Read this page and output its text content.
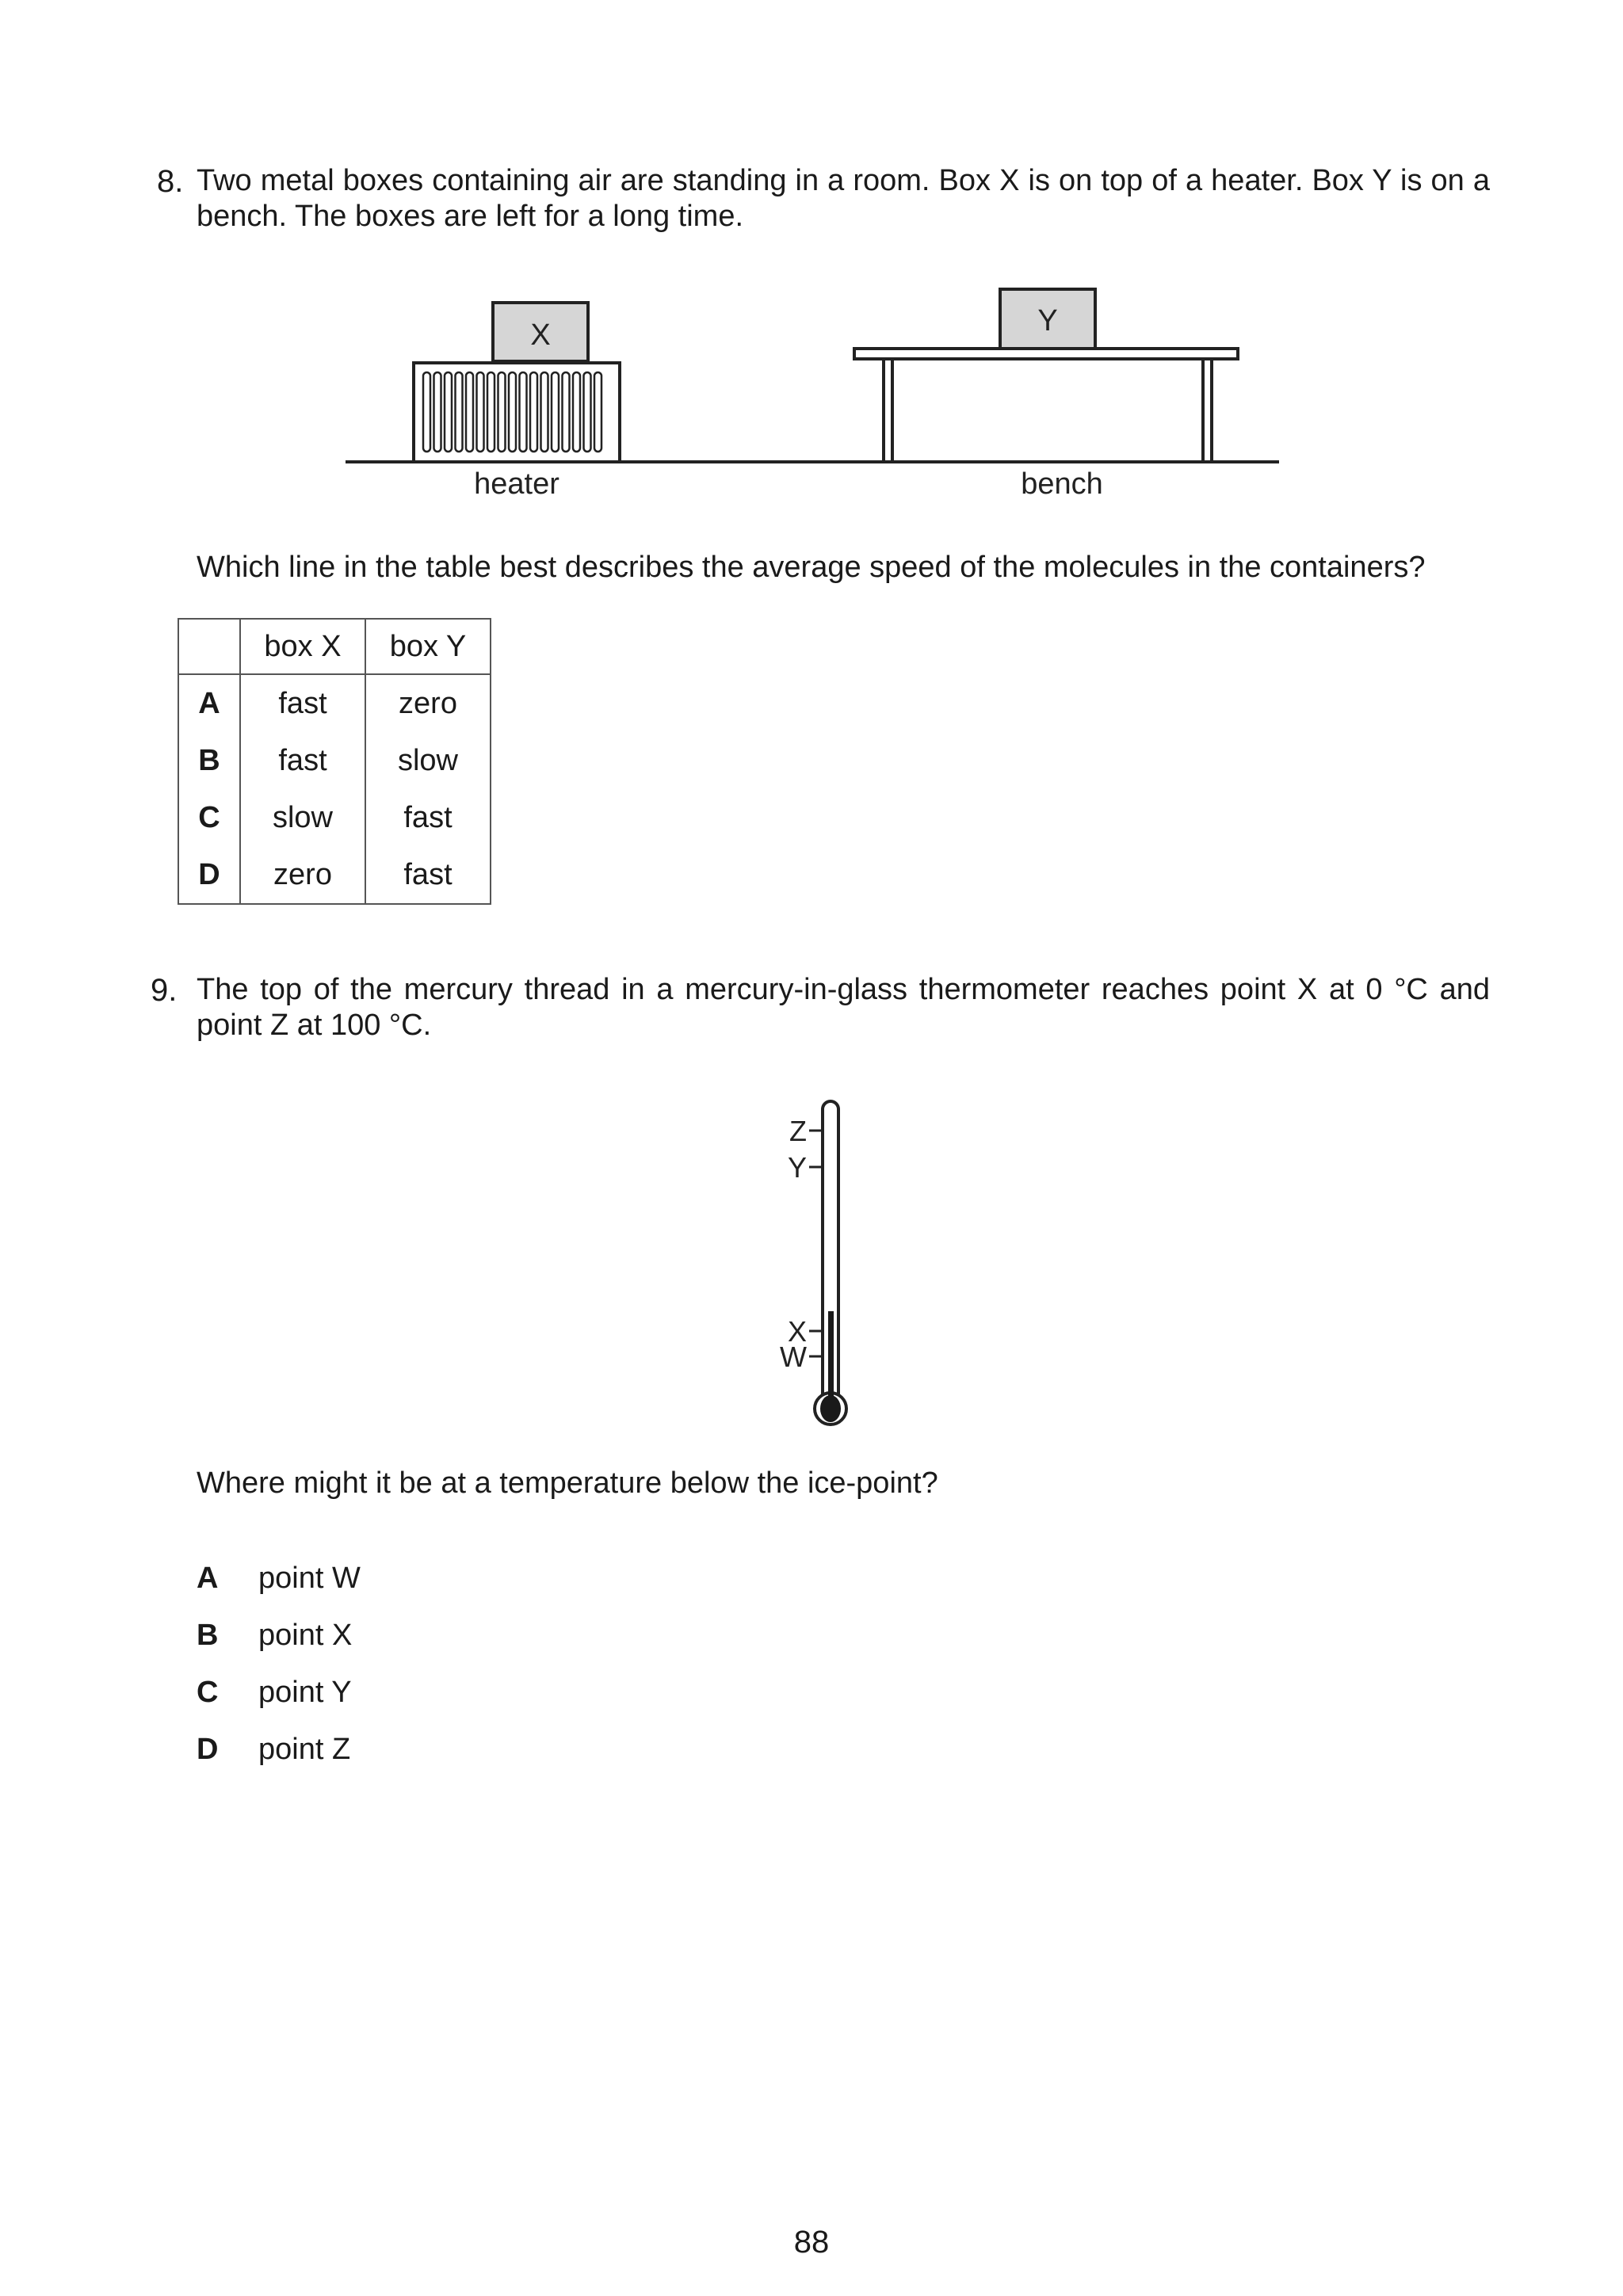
8. Two metal boxes containing air are standing in a room. Box X is on top of a heater. Box Y is on a
bench. The boxes are left for a long time.
X	Y
heater	bench
Which line in the table best describes the average speed of the molecules in the containers?
	box X	box Y
A	fast	zero
B	fast	slow
C	slow	fast
D	zero	fast
9. The top of the mercury thread in a mercury-in-glass thermometer reaches point X at 0 °C and
point Z at 100 °C.
Z
Y
X
W
Where might it be at a temperature below the ice-point?
A	point W
B	point X
C	point Y
D	point Z
88
